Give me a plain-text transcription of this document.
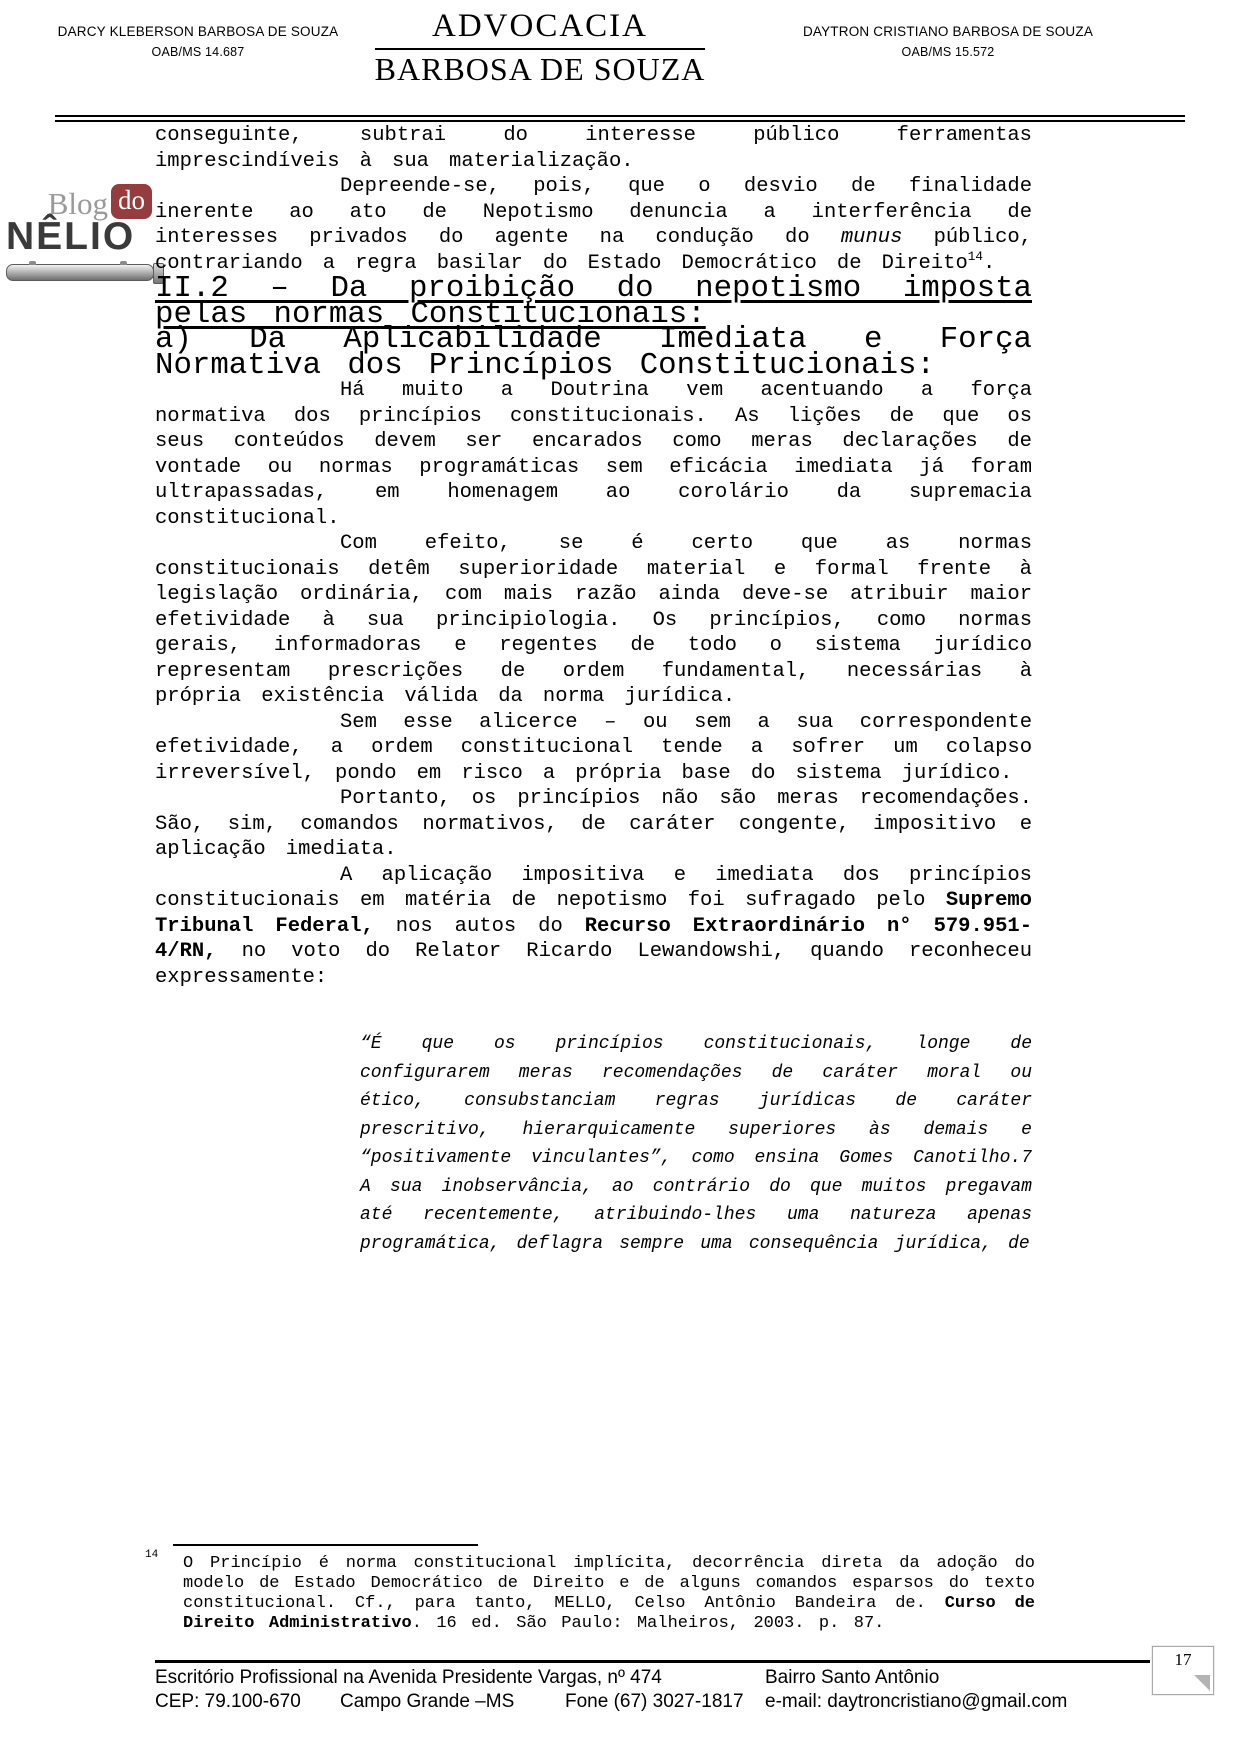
DARCY KLEBERSON BARBOSA DE SOUZA
OAB/MS 14.687
ADVOCACIA
BARBOSA DE SOUZA
DAYTRON CRISTIANO BARBOSA DE SOUZA
OAB/MS 15.572
Blog do
NÊLIO

conseguinte, subtrai do interesse público ferramentas imprescindíveis à sua materialização.

Depreende-se, pois, que o desvio de finalidade inerente ao ato de Nepotismo denuncia a interferência de interesses privados do agente na condução do munus público, contrariando a regra basilar do Estado Democrático de Direito$^{14}$.

II.2 – Da proibição do nepotismo imposta pelas normas Constitucionais:
a) Da Aplicabilidade Imediata e Força Normativa dos Princípios Constitucionais:

Há muito a Doutrina vem acentuando a força normativa dos princípios constitucionais. As lições de que os seus conteúdos devem ser encarados como meras declarações de vontade ou normas programáticas sem eficácia imediata já foram ultrapassadas, em homenagem ao corolário da supremacia constitucional.

Com efeito, se é certo que as normas constitucionais detêm superioridade material e formal frente à legislação ordinária, com mais razão ainda deve-se atribuir maior efetividade à sua principiologia. Os princípios, como normas gerais, informadoras e regentes de todo o sistema jurídico representam prescrições de ordem fundamental, necessárias à própria existência válida da norma jurídica.

Sem esse alicerce – ou sem a sua correspondente efetividade, a ordem constitucional tende a sofrer um colapso irreversível, pondo em risco a própria base do sistema jurídico.

Portanto, os princípios não são meras recomendações. São, sim, comandos normativos, de caráter congente, impositivo e aplicação imediata.

A aplicação impositiva e imediata dos princípios constitucionais em matéria de nepotismo foi sufragado pelo Supremo Tribunal Federal, nos autos do Recurso Extraordinário n° 579.951-4/RN, no voto do Relator Ricardo Lewandowshi, quando reconheceu expressamente:

“É que os princípios constitucionais, longe de configurarem meras recomendações de caráter moral ou ético, consubstanciam regras jurídicas de caráter prescritivo, hierarquicamente superiores às demais e “positivamente vinculantes”, como ensina Gomes Canotilho.7 A sua inobservância, ao contrário do que muitos pregavam até recentemente, atribuindo-lhes uma natureza apenas programática, deflagra sempre uma consequência jurídica, de

14 O Princípio é norma constitucional implícita, decorrência direta da adoção do modelo de Estado Democrático de Direito e de alguns comandos esparsos do texto constitucional. Cf., para tanto, MELLO, Celso Antônio Bandeira de. Curso de Direito Administrativo. 16 ed. São Paulo: Malheiros, 2003. p. 87.

Escritório Profissional na Avenida Presidente Vargas, nº 474	Bairro Santo Antônio
CEP: 79.100-670	Campo Grande –MS	Fone (67) 3027-1817	e-mail: daytroncristiano@gmail.com
17
